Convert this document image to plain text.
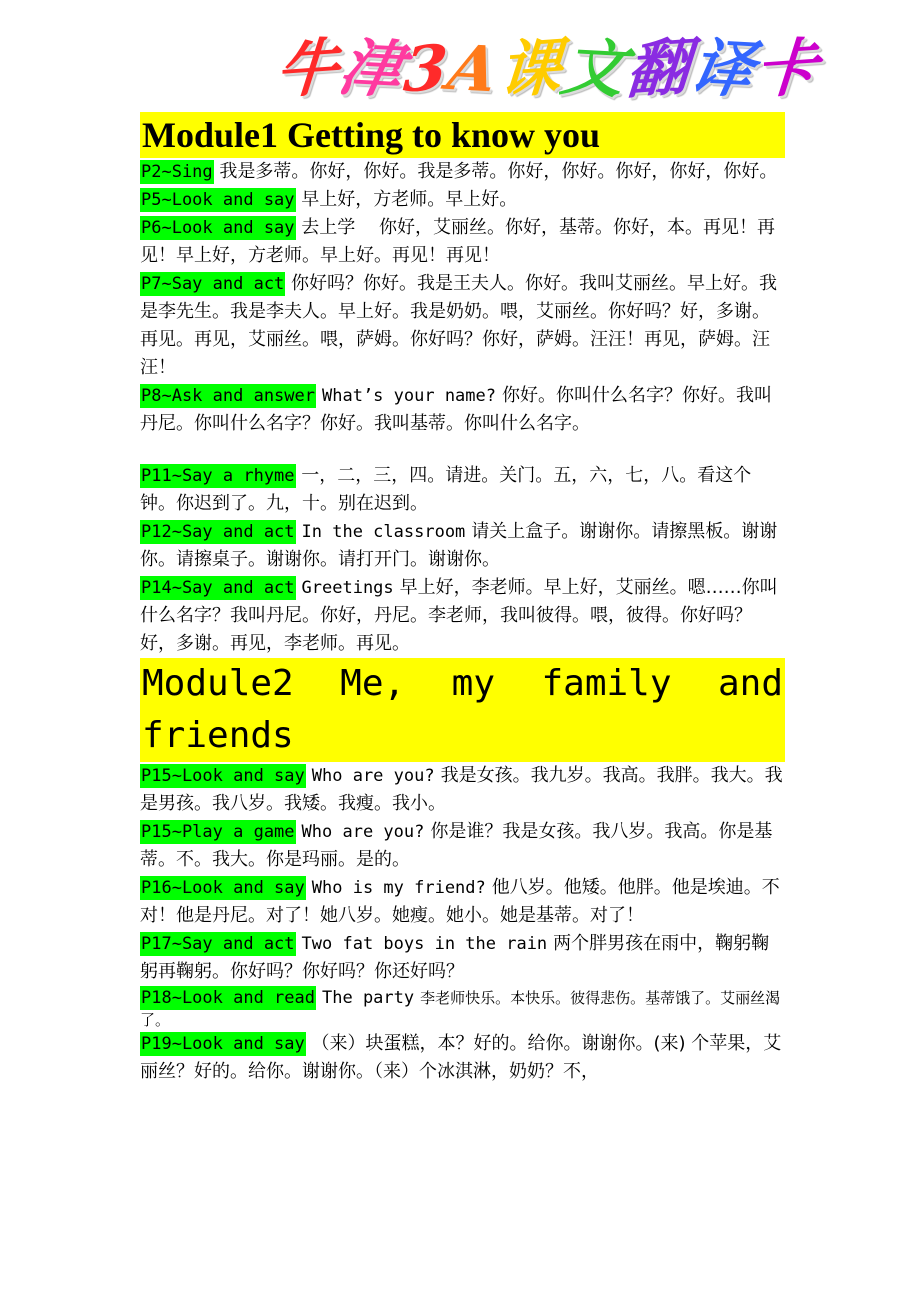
牛津3A课文翻译卡
Module1 Getting to know you
P2~Sing 我是多蒂。你好，你好。我是多蒂。你好，你好。你好，你好，你好。
P5~Look and say 早上好，方老师。早上好。
P6~Look and say 去上学　 你好，艾丽丝。你好，基蒂。你好，本。再见！再见！早上好，方老师。早上好。再见！再见！
P7~Say and act 你好吗？你好。我是王夫人。你好。我叫艾丽丝。早上好。我是李先生。我是李夫人。早上好。我是奶奶。喂，艾丽丝。你好吗？好，多谢。再见。再见，艾丽丝。喂，萨姆。你好吗？你好，萨姆。汪汪！再见，萨姆。汪汪！
P8~Ask and answer What’s your name? 你好。你叫什么名字？你好。我叫丹尼。你叫什么名字？你好。我叫基蒂。你叫什么名字。
P11~Say a rhyme 一，二，三，四。请进。关门。五，六，七，八。看这个钟。你迟到了。九，十。别在迟到。
P12~Say and act In the classroom 请关上盒子。谢谢你。请擦黑板。谢谢你。请擦桌子。谢谢你。请打开门。谢谢你。
P14~Say and act Greetings 早上好，李老师。早上好，艾丽丝。嗯……你叫什么名字？我叫丹尼。你好，丹尼。李老师，我叫彼得。喂，彼得。你好吗？好，多谢。再见，李老师。再见。
Module2 Me, my family and
friends
P15~Look and say Who are you? 我是女孩。我九岁。我高。我胖。我大。我是男孩。我八岁。我矮。我瘦。我小。
P15~Play a game Who are you? 你是谁？我是女孩。我八岁。我高。你是基蒂。不。我大。你是玛丽。是的。
P16~Look and say Who is my friend? 他八岁。他矮。他胖。他是埃迪。不对！他是丹尼。对了！她八岁。她瘦。她小。她是基蒂。对了！
P17~Say and act Two fat boys in the rain 两个胖男孩在雨中，鞠躬鞠躬再鞠躬。你好吗？你好吗？你还好吗？
P18~Look and read The party 李老师快乐。本快乐。彼得悲伤。基蒂饿了。艾丽丝渴了。
P19~Look and say （来）块蛋糕，本？好的。给你。谢谢你。(来) 个苹果，艾丽丝？好的。给你。谢谢你。（来）个冰淇淋，奶奶？不，
